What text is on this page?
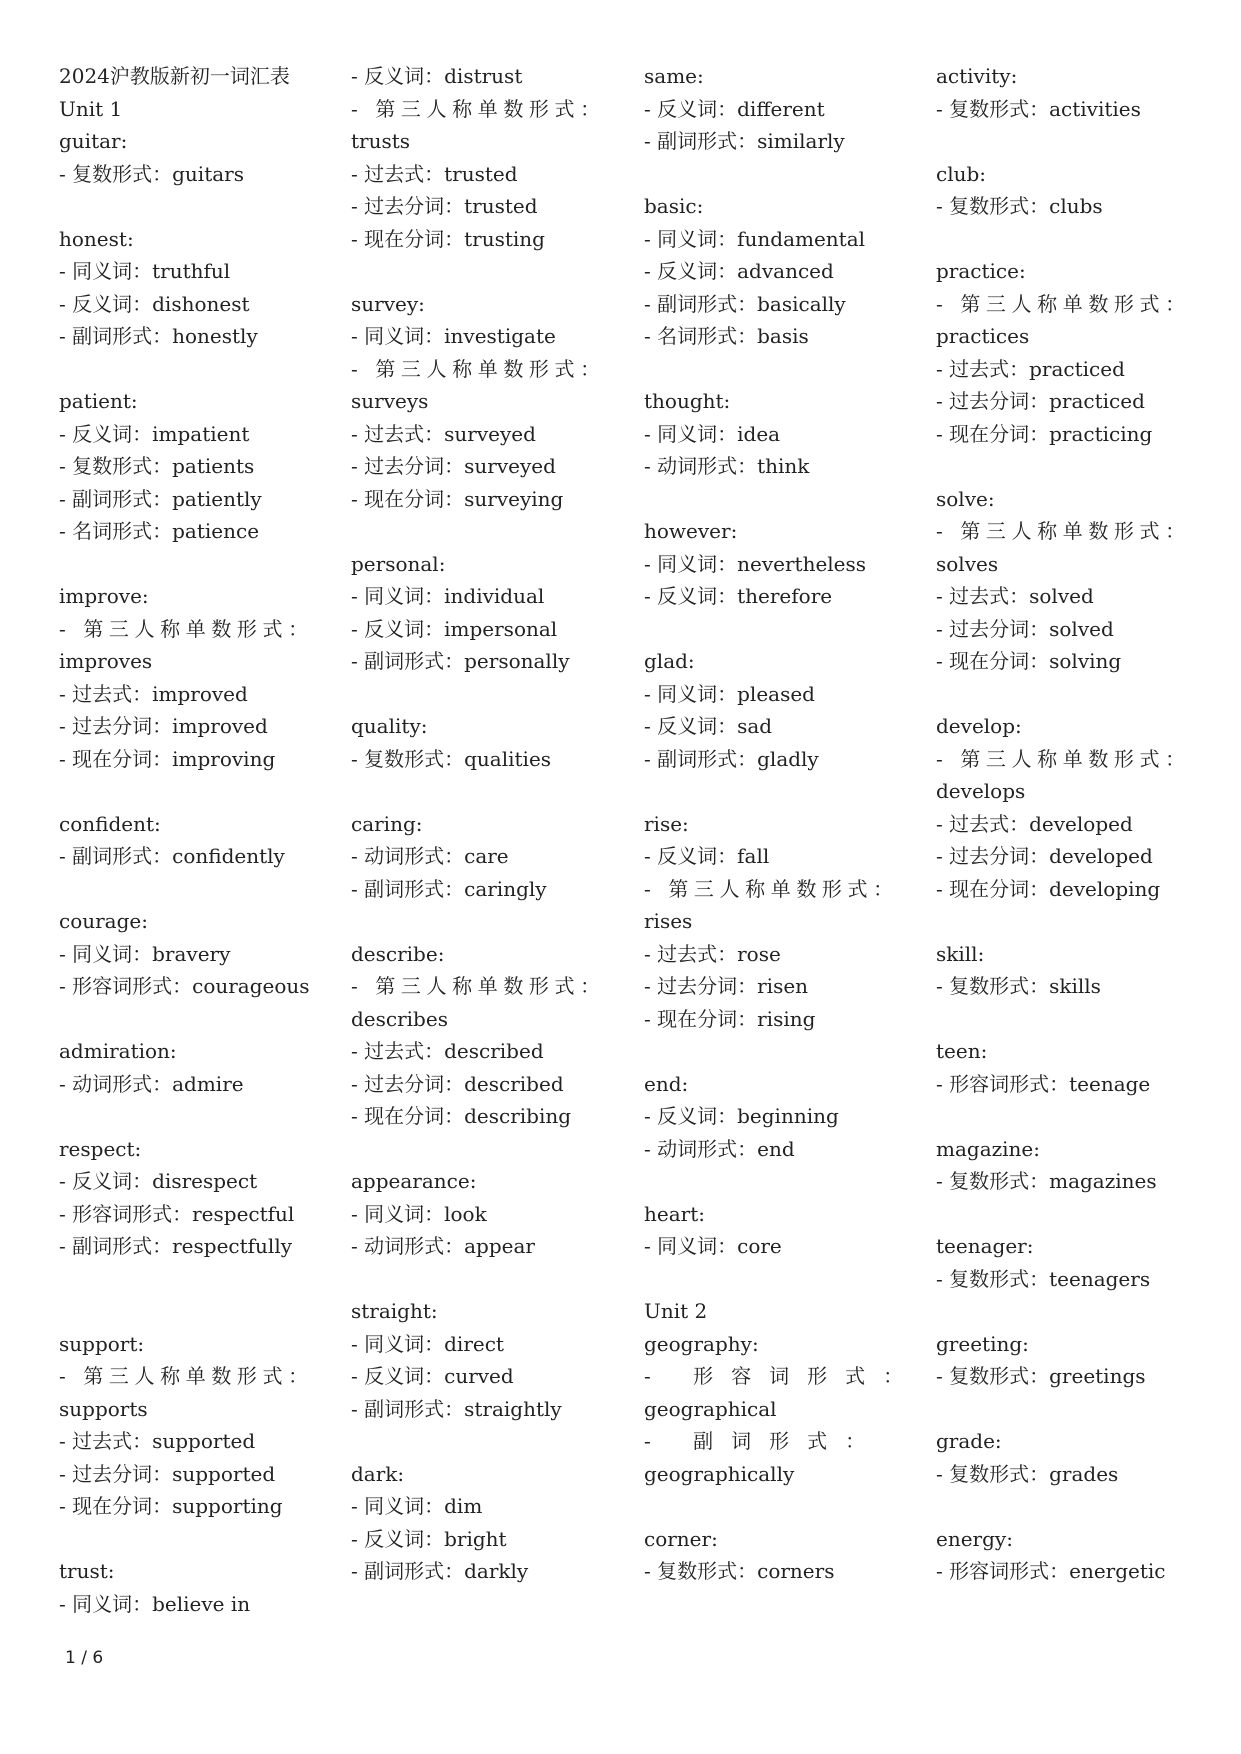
2024沪教版新初一词汇表
Unit 1
guitar:
- 复数形式：guitars
honest:
- 同义词：truthful
- 反义词：dishonest
- 副词形式：honestly
patient:
- 反义词：impatient
- 复数形式：patients
- 副词形式：patiently
- 名词形式：patience
improve:
- 第三人称单数形式：
improves
- 过去式：improved
- 过去分词：improved
- 现在分词：improving
confident:
- 副词形式：confidently
courage:
- 同义词：bravery
- 形容词形式：courageous
admiration:
- 动词形式：admire
respect:
- 反义词：disrespect
- 形容词形式：respectful
- 副词形式：respectfully
support:
- 第三人称单数形式：
supports
- 过去式：supported
- 过去分词：supported
- 现在分词：supporting
trust:
- 同义词：believe in
- 反义词：distrust
- 第三人称单数形式：
trusts
- 过去式：trusted
- 过去分词：trusted
- 现在分词：trusting
survey:
- 同义词：investigate
- 第三人称单数形式：
surveys
- 过去式：surveyed
- 过去分词：surveyed
- 现在分词：surveying
personal:
- 同义词：individual
- 反义词：impersonal
- 副词形式：personally
quality:
- 复数形式：qualities
caring:
- 动词形式：care
- 副词形式：caringly
describe:
- 第三人称单数形式：
describes
- 过去式：described
- 过去分词：described
- 现在分词：describing
appearance:
- 同义词：look
- 动词形式：appear
straight:
- 同义词：direct
- 反义词：curved
- 副词形式：straightly
dark:
- 同义词：dim
- 反义词：bright
- 副词形式：darkly
same:
- 反义词：different
- 副词形式：similarly
basic:
- 同义词：fundamental
- 反义词：advanced
- 副词形式：basically
- 名词形式：basis
thought:
- 同义词：idea
- 动词形式：think
however:
- 同义词：nevertheless
- 反义词：therefore
glad:
- 同义词：pleased
- 反义词：sad
- 副词形式：gladly
rise:
- 反义词：fall
- 第三人称单数形式：
rises
- 过去式：rose
- 过去分词：risen
- 现在分词：rising
end:
- 反义词：beginning
- 动词形式：end
heart:
- 同义词：core
Unit 2
geography:
- 形容词形式：
geographical
- 副词形式：
geographically
corner:
- 复数形式：corners
activity:
- 复数形式：activities
club:
- 复数形式：clubs
practice:
- 第三人称单数形式：
practices
- 过去式：practiced
- 过去分词：practiced
- 现在分词：practicing
solve:
- 第三人称单数形式：
solves
- 过去式：solved
- 过去分词：solved
- 现在分词：solving
develop:
- 第三人称单数形式：
develops
- 过去式：developed
- 过去分词：developed
- 现在分词：developing
skill:
- 复数形式：skills
teen:
- 形容词形式：teenage
magazine:
- 复数形式：magazines
teenager:
- 复数形式：teenagers
greeting:
- 复数形式：greetings
grade:
- 复数形式：grades
energy:
- 形容词形式：energetic
1 / 6
